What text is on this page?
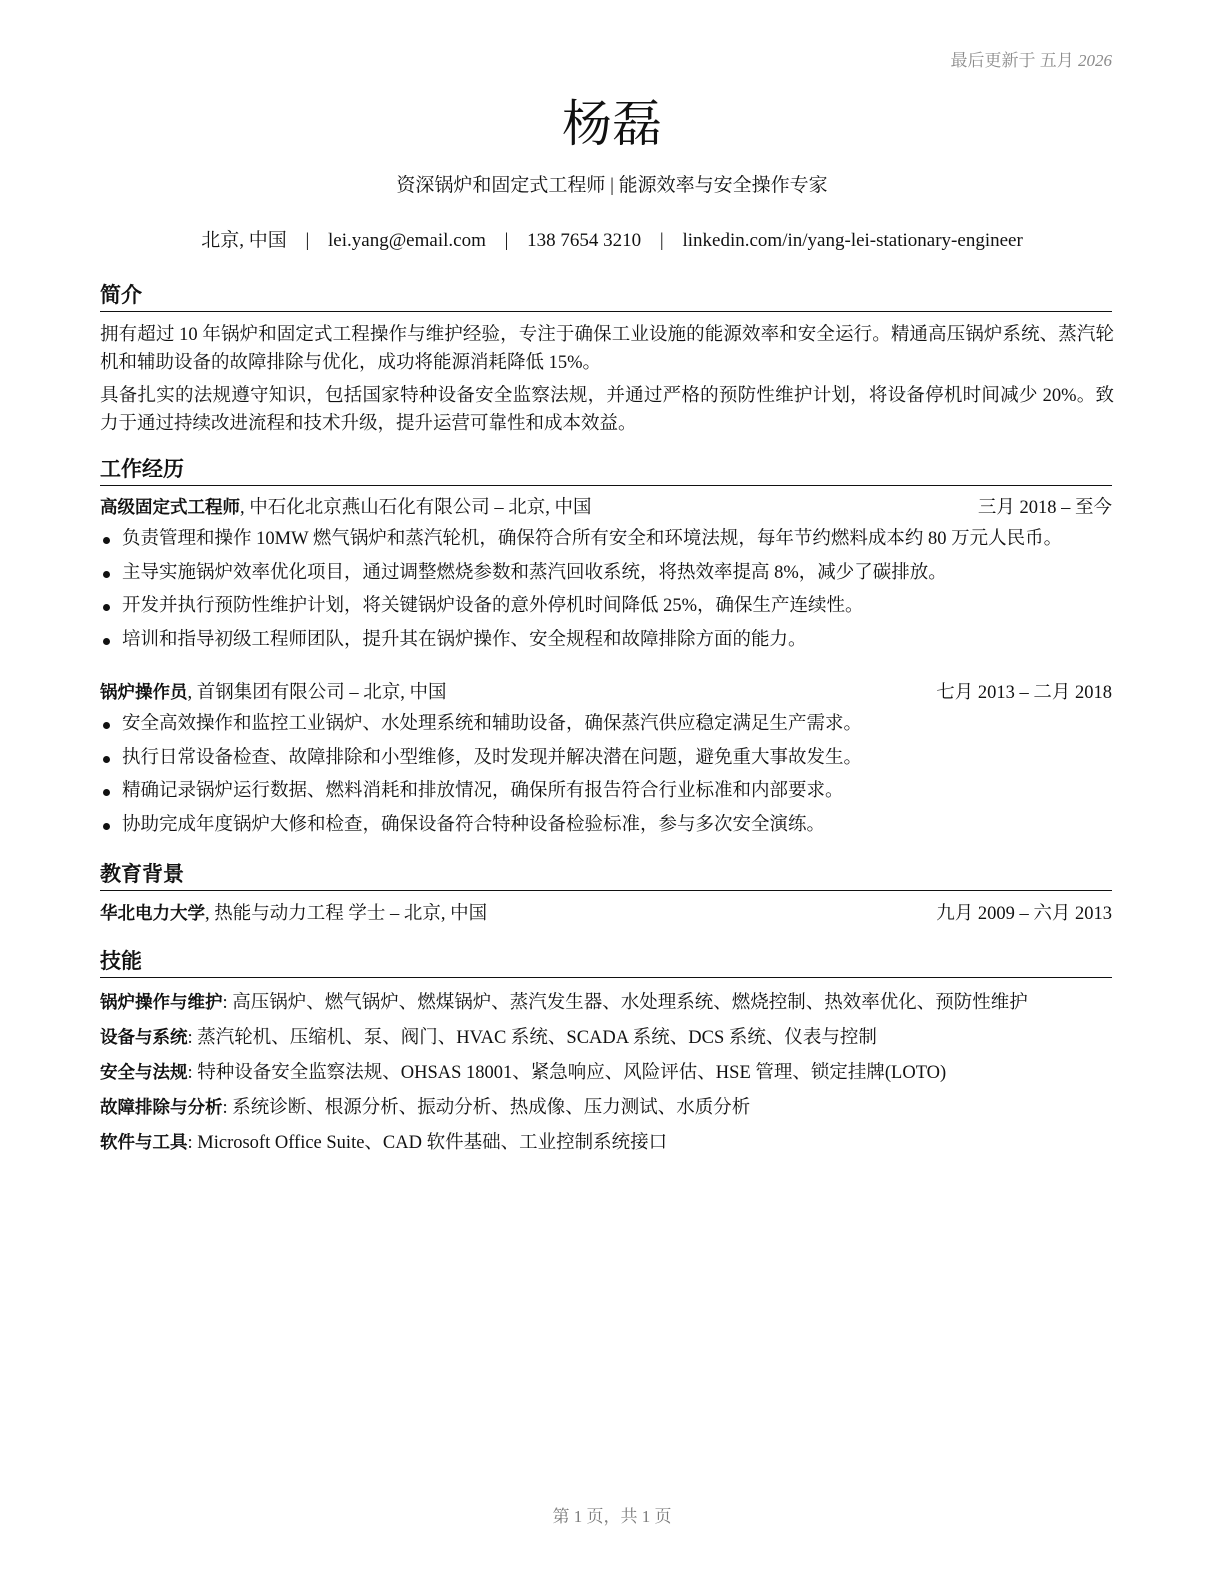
最后更新于 五月 2026
杨磊
资深锅炉和固定式工程师 | 能源效率与安全操作专家
北京, 中国 | lei.yang@email.com | 138 7654 3210 | linkedin.com/in/yang-lei-stationary-engineer
简介
拥有超过 10 年锅炉和固定式工程操作与维护经验，专注于确保工业设施的能源效率和安全运行。精通高压锅炉系统、蒸汽轮机和辅助设备的故障排除与优化，成功将能源消耗降低 15%。
具备扎实的法规遵守知识，包括国家特种设备安全监察法规，并通过严格的预防性维护计划，将设备停机时间减少 20%。致力于通过持续改进流程和技术升级，提升运营可靠性和成本效益。
工作经历
高级固定式工程师, 中石化北京燕山石化有限公司 – 北京, 中国	三月 2018 – 至今
负责管理和操作 10MW 燃气锅炉和蒸汽轮机，确保符合所有安全和环境法规，每年节约燃料成本约 80 万元人民币。
主导实施锅炉效率优化项目，通过调整燃烧参数和蒸汽回收系统，将热效率提高 8%，减少了碳排放。
开发并执行预防性维护计划，将关键锅炉设备的意外停机时间降低 25%，确保生产连续性。
培训和指导初级工程师团队，提升其在锅炉操作、安全规程和故障排除方面的能力。
锅炉操作员, 首钢集团有限公司 – 北京, 中国	七月 2013 – 二月 2018
安全高效操作和监控工业锅炉、水处理系统和辅助设备，确保蒸汽供应稳定满足生产需求。
执行日常设备检查、故障排除和小型维修，及时发现并解决潜在问题，避免重大事故发生。
精确记录锅炉运行数据、燃料消耗和排放情况，确保所有报告符合行业标准和内部要求。
协助完成年度锅炉大修和检查，确保设备符合特种设备检验标准，参与多次安全演练。
教育背景
华北电力大学, 热能与动力工程 学士 – 北京, 中国	九月 2009 – 六月 2013
技能
锅炉操作与维护: 高压锅炉、燃气锅炉、燃煤锅炉、蒸汽发生器、水处理系统、燃烧控制、热效率优化、预防性维护
设备与系统: 蒸汽轮机、压缩机、泵、阀门、HVAC 系统、SCADA 系统、DCS 系统、仪表与控制
安全与法规: 特种设备安全监察法规、OHSAS 18001、紧急响应、风险评估、HSE 管理、锁定挂牌(LOTO)
故障排除与分析: 系统诊断、根源分析、振动分析、热成像、压力测试、水质分析
软件与工具: Microsoft Office Suite、CAD 软件基础、工业控制系统接口
第 1 页，共 1 页
